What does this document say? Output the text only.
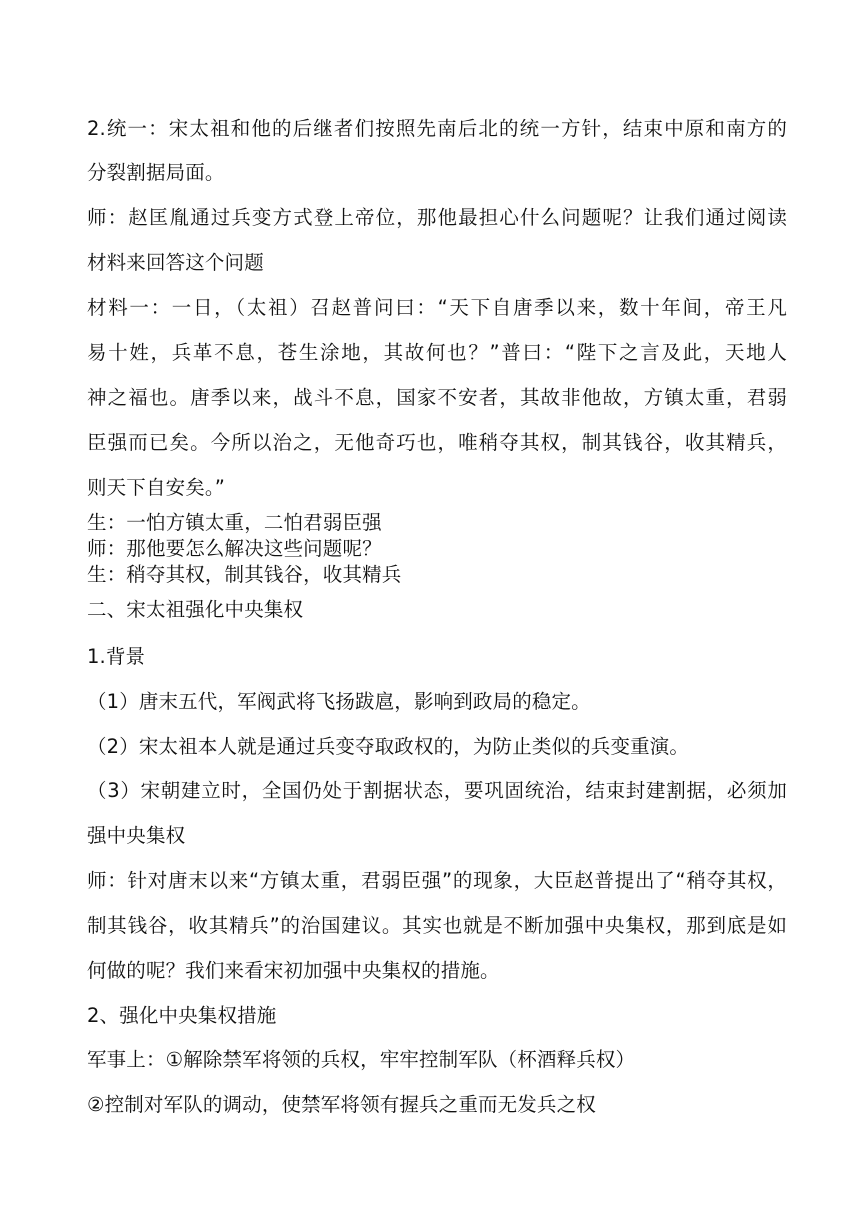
2.统一：宋太祖和他的后继者们按照先南后北的统一方针，结束中原和南方的
分裂割据局面。
师：赵匡胤通过兵变方式登上帝位，那他最担心什么问题呢？让我们通过阅读
材料来回答这个问题
材料一：一日，（太祖）召赵普问曰：“天下自唐季以来，数十年间，帝王凡
易十姓，兵革不息，苍生涂地，其故何也？”普曰：“陛下之言及此，天地人
神之福也。唐季以来，战斗不息，国家不安者，其故非他故，方镇太重，君弱
臣强而已矣。今所以治之，无他奇巧也，唯稍夺其权，制其钱谷，收其精兵，
则天下自安矣。”
生：一怕方镇太重，二怕君弱臣强
师：那他要怎么解决这些问题呢？
生：稍夺其权，制其钱谷，收其精兵
二、宋太祖强化中央集权
1.背景
（1）唐末五代，军阀武将飞扬跋扈，影响到政局的稳定。
（2）宋太祖本人就是通过兵变夺取政权的，为防止类似的兵变重演。
（3）宋朝建立时，全国仍处于割据状态，要巩固统治，结束封建割据，必须加
强中央集权
师：针对唐末以来“方镇太重，君弱臣强”的现象，大臣赵普提出了“稍夺其权，
制其钱谷，收其精兵”的治国建议。其实也就是不断加强中央集权，那到底是如
何做的呢？我们来看宋初加强中央集权的措施。
2、强化中央集权措施
军事上：①解除禁军将领的兵权，牢牢控制军队（杯酒释兵权）
②控制对军队的调动，使禁军将领有握兵之重而无发兵之权
